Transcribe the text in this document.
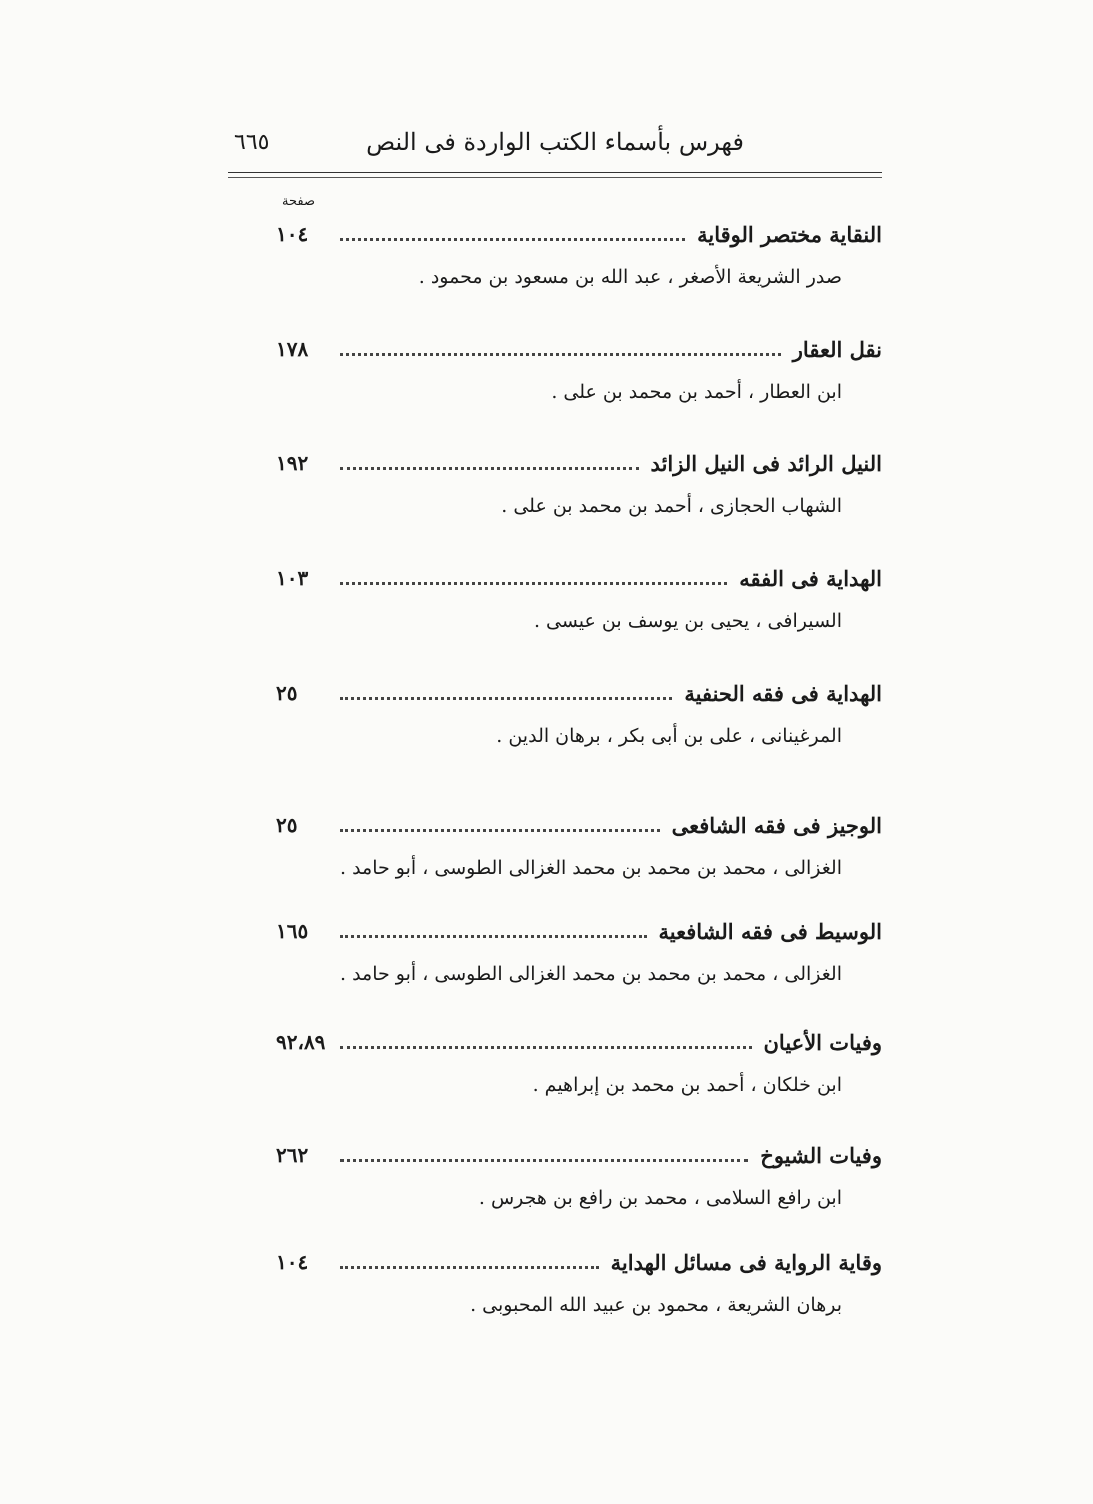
فهرس بأسماء الكتب الواردة فى النص
٦٦٥
صفحة
النقاية مختصر الوقاية
١٠٤
صدر الشريعة الأصغر ، عبد الله بن مسعود بن محمود .
نقل العقار
١٧٨
ابن العطار ، أحمد بن محمد بن على .
النيل الرائد فى النيل الزائد
١٩٢
الشهاب الحجازى ، أحمد بن محمد بن على .
الهداية فى الفقه
١٠٣
السيرافى ، يحيى بن يوسف بن عيسى .
الهداية فى فقه الحنفية
٢٥
المرغينانى ، على بن أبى بكر ، برهان الدين .
الوجيز فى فقه الشافعى
٢٥
الغزالى ، محمد بن محمد بن محمد الغزالى الطوسى ، أبو حامد .
الوسيط فى فقه الشافعية
١٦٥
الغزالى ، محمد بن محمد بن محمد الغزالى الطوسى ، أبو حامد .
وفيات الأعيان
٩٢،٨٩
ابن خلكان ، أحمد بن محمد بن إبراهيم .
وفيات الشيوخ
٢٦٢
ابن رافع السلامى ، محمد بن رافع بن هجرس .
وقاية الرواية فى مسائل الهداية
١٠٤
برهان الشريعة ، محمود بن عبيد الله المحبوبى .
